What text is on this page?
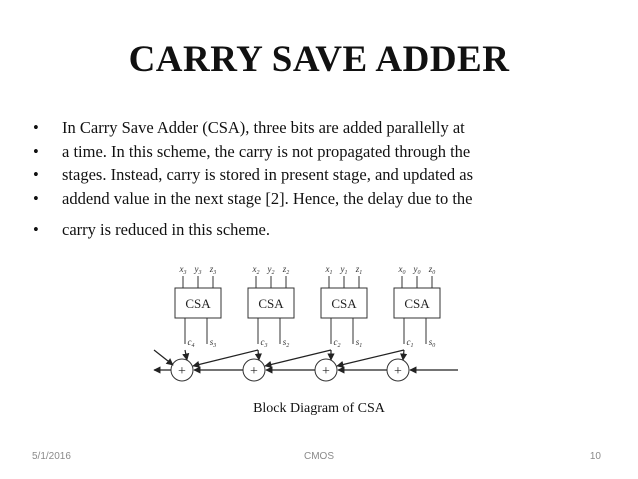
CARRY SAVE ADDER
• In Carry Save Adder (CSA), three bits are added parallelly at
• a time. In this scheme, the carry is not propagated through the
• stages. Instead, carry is stored in present stage, and updated as
• addend value in the next stage [2]. Hence, the delay due to the
• carry is reduced in this scheme.
$x_3$ $y_3$ $z_3$
CSA
$c_4$ $s_3$
$x_2$ $y_2$ $z_2$
CSA
$c_3$ $s_2$
$x_1$ $y_1$ $z_1$
CSA
$c_2$ $s_1$
$x_0$ $y_0$ $z_0$
CSA
$c_1$ $s_0$
+	+	+	+
Block Diagram of CSA
5/1/2016	CMOS	10
